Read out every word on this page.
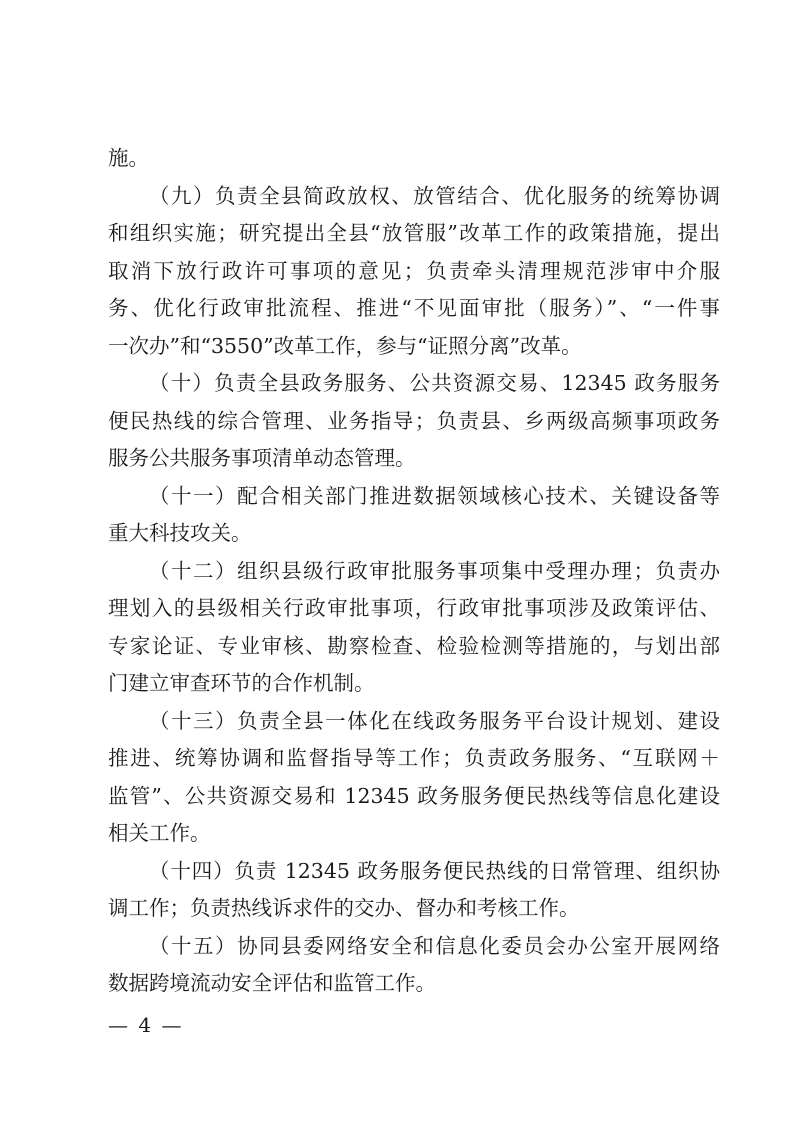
施。
（九）负责全县简政放权、放管结合、优化服务的统筹协调
和组织实施；研究提出全县“放管服”改革工作的政策措施，提出
取消下放行政许可事项的意见；负责牵头清理规范涉审中介服
务、优化行政审批流程、推进“不见面审批（服务）”、“一件事
一次办”和“3550”改革工作，参与“证照分离”改革。
（十）负责全县政务服务、公共资源交易、12345 政务服务
便民热线的综合管理、业务指导；负责县、乡两级高频事项政务
服务公共服务事项清单动态管理。
（十一）配合相关部门推进数据领域核心技术、关键设备等
重大科技攻关。
（十二）组织县级行政审批服务事项集中受理办理；负责办
理划入的县级相关行政审批事项，行政审批事项涉及政策评估、
专家论证、专业审核、勘察检查、检验检测等措施的，与划出部
门建立审查环节的合作机制。
（十三）负责全县一体化在线政务服务平台设计规划、建设
推进、统筹协调和监督指导等工作；负责政务服务、“互联网＋
监管”、公共资源交易和 12345 政务服务便民热线等信息化建设
相关工作。
（十四）负责 12345 政务服务便民热线的日常管理、组织协
调工作；负责热线诉求件的交办、督办和考核工作。
（十五）协同县委网络安全和信息化委员会办公室开展网络
数据跨境流动安全评估和监管工作。
— 4 —
